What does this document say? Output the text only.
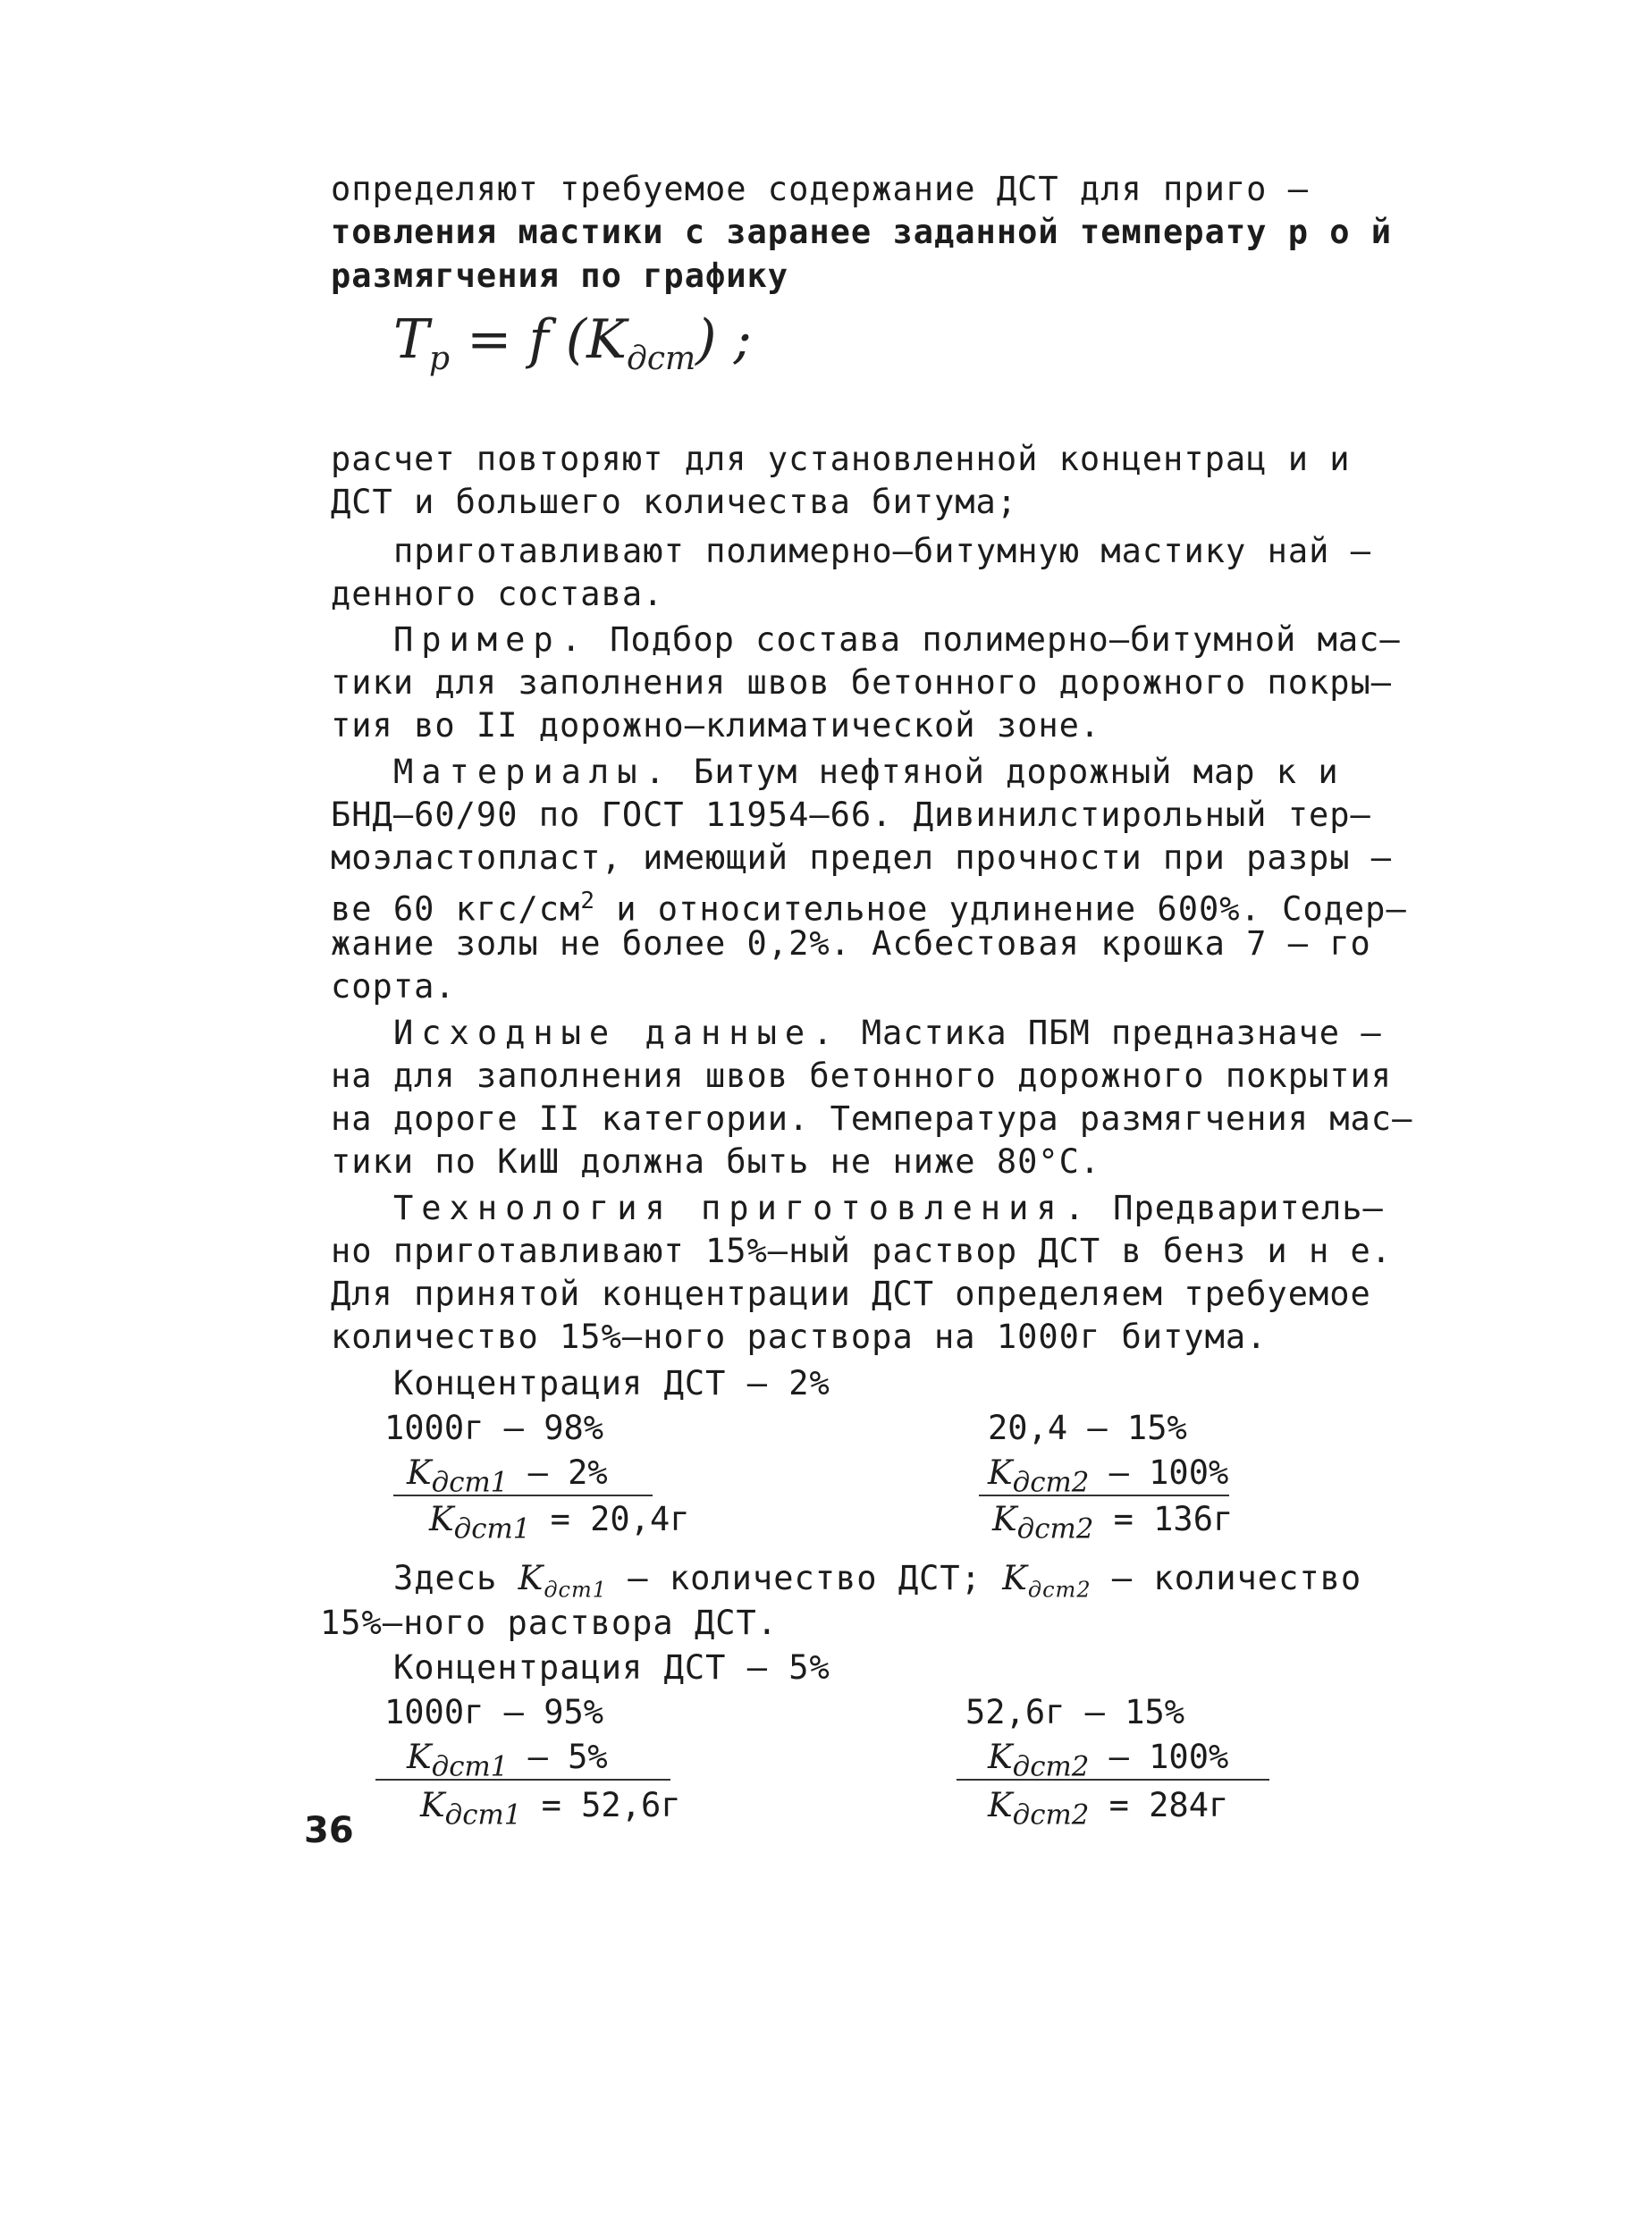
определяют требуемое содержание ДСТ для приго –
товления мастики с заранее заданной температу р о й
размягчения по графику
$T_р = f$ $(K_{дст})$ ;
расчет повторяют для установленной концентрац и и
ДСТ и большего количества битума;
приготавливают полимерно–битумную мастику най –
денного состава.
Пример. Подбор состава полимерно–битумной мас–
тики для заполнения швов бетонного дорожного покры–
тия во II дорожно–климатической зоне.
Материалы. Битум нефтяной дорожный мар к и
БНД–60/90 по ГОСТ 11954–66. Дивинилстирольный тер–
моэластопласт, имеющий предел прочности при разры –
ве 60 кгс/$см^2$ и относительное удлинение 600%. Содер–
жание золы не более 0,2%. Асбестовая крошка 7 – го
сорта.
Исходные данные. Мастика ПБМ предназначе –
на для заполнения швов бетонного дорожного покрытия
на дороге II категории. Температура размягчения мас–
тики по КиШ должна быть не ниже 80°С.
Технология приготовления. Предваритель–
но приготавливают 15%–ный раствор ДСТ в бенз и н е.
Для принятой концентрации ДСТ определяем требуемое
количество 15%–ного раствора на 1000г битума.
Концентрация ДСТ – 2%
1000г – 98%
$K_{дст1} - 2\%$
$K_{дст1} = 20,4г$
20,4 – 15%
$K_{дст2} - 100\%$
$K_{дст2} = 136г$
Здесь $K_{дст1}$ – количество ДСТ; $K_{дст2}$ – количество
15%–ного раствора ДСТ.
Концентрация ДСТ – 5%
1000г – 95%
$K_{дст1} - 5\%$
$K_{дст1} = 52,6г$
52,6г – 15%
$K_{дст2} - 100\%$
$K_{дст2} = 284г$
36
